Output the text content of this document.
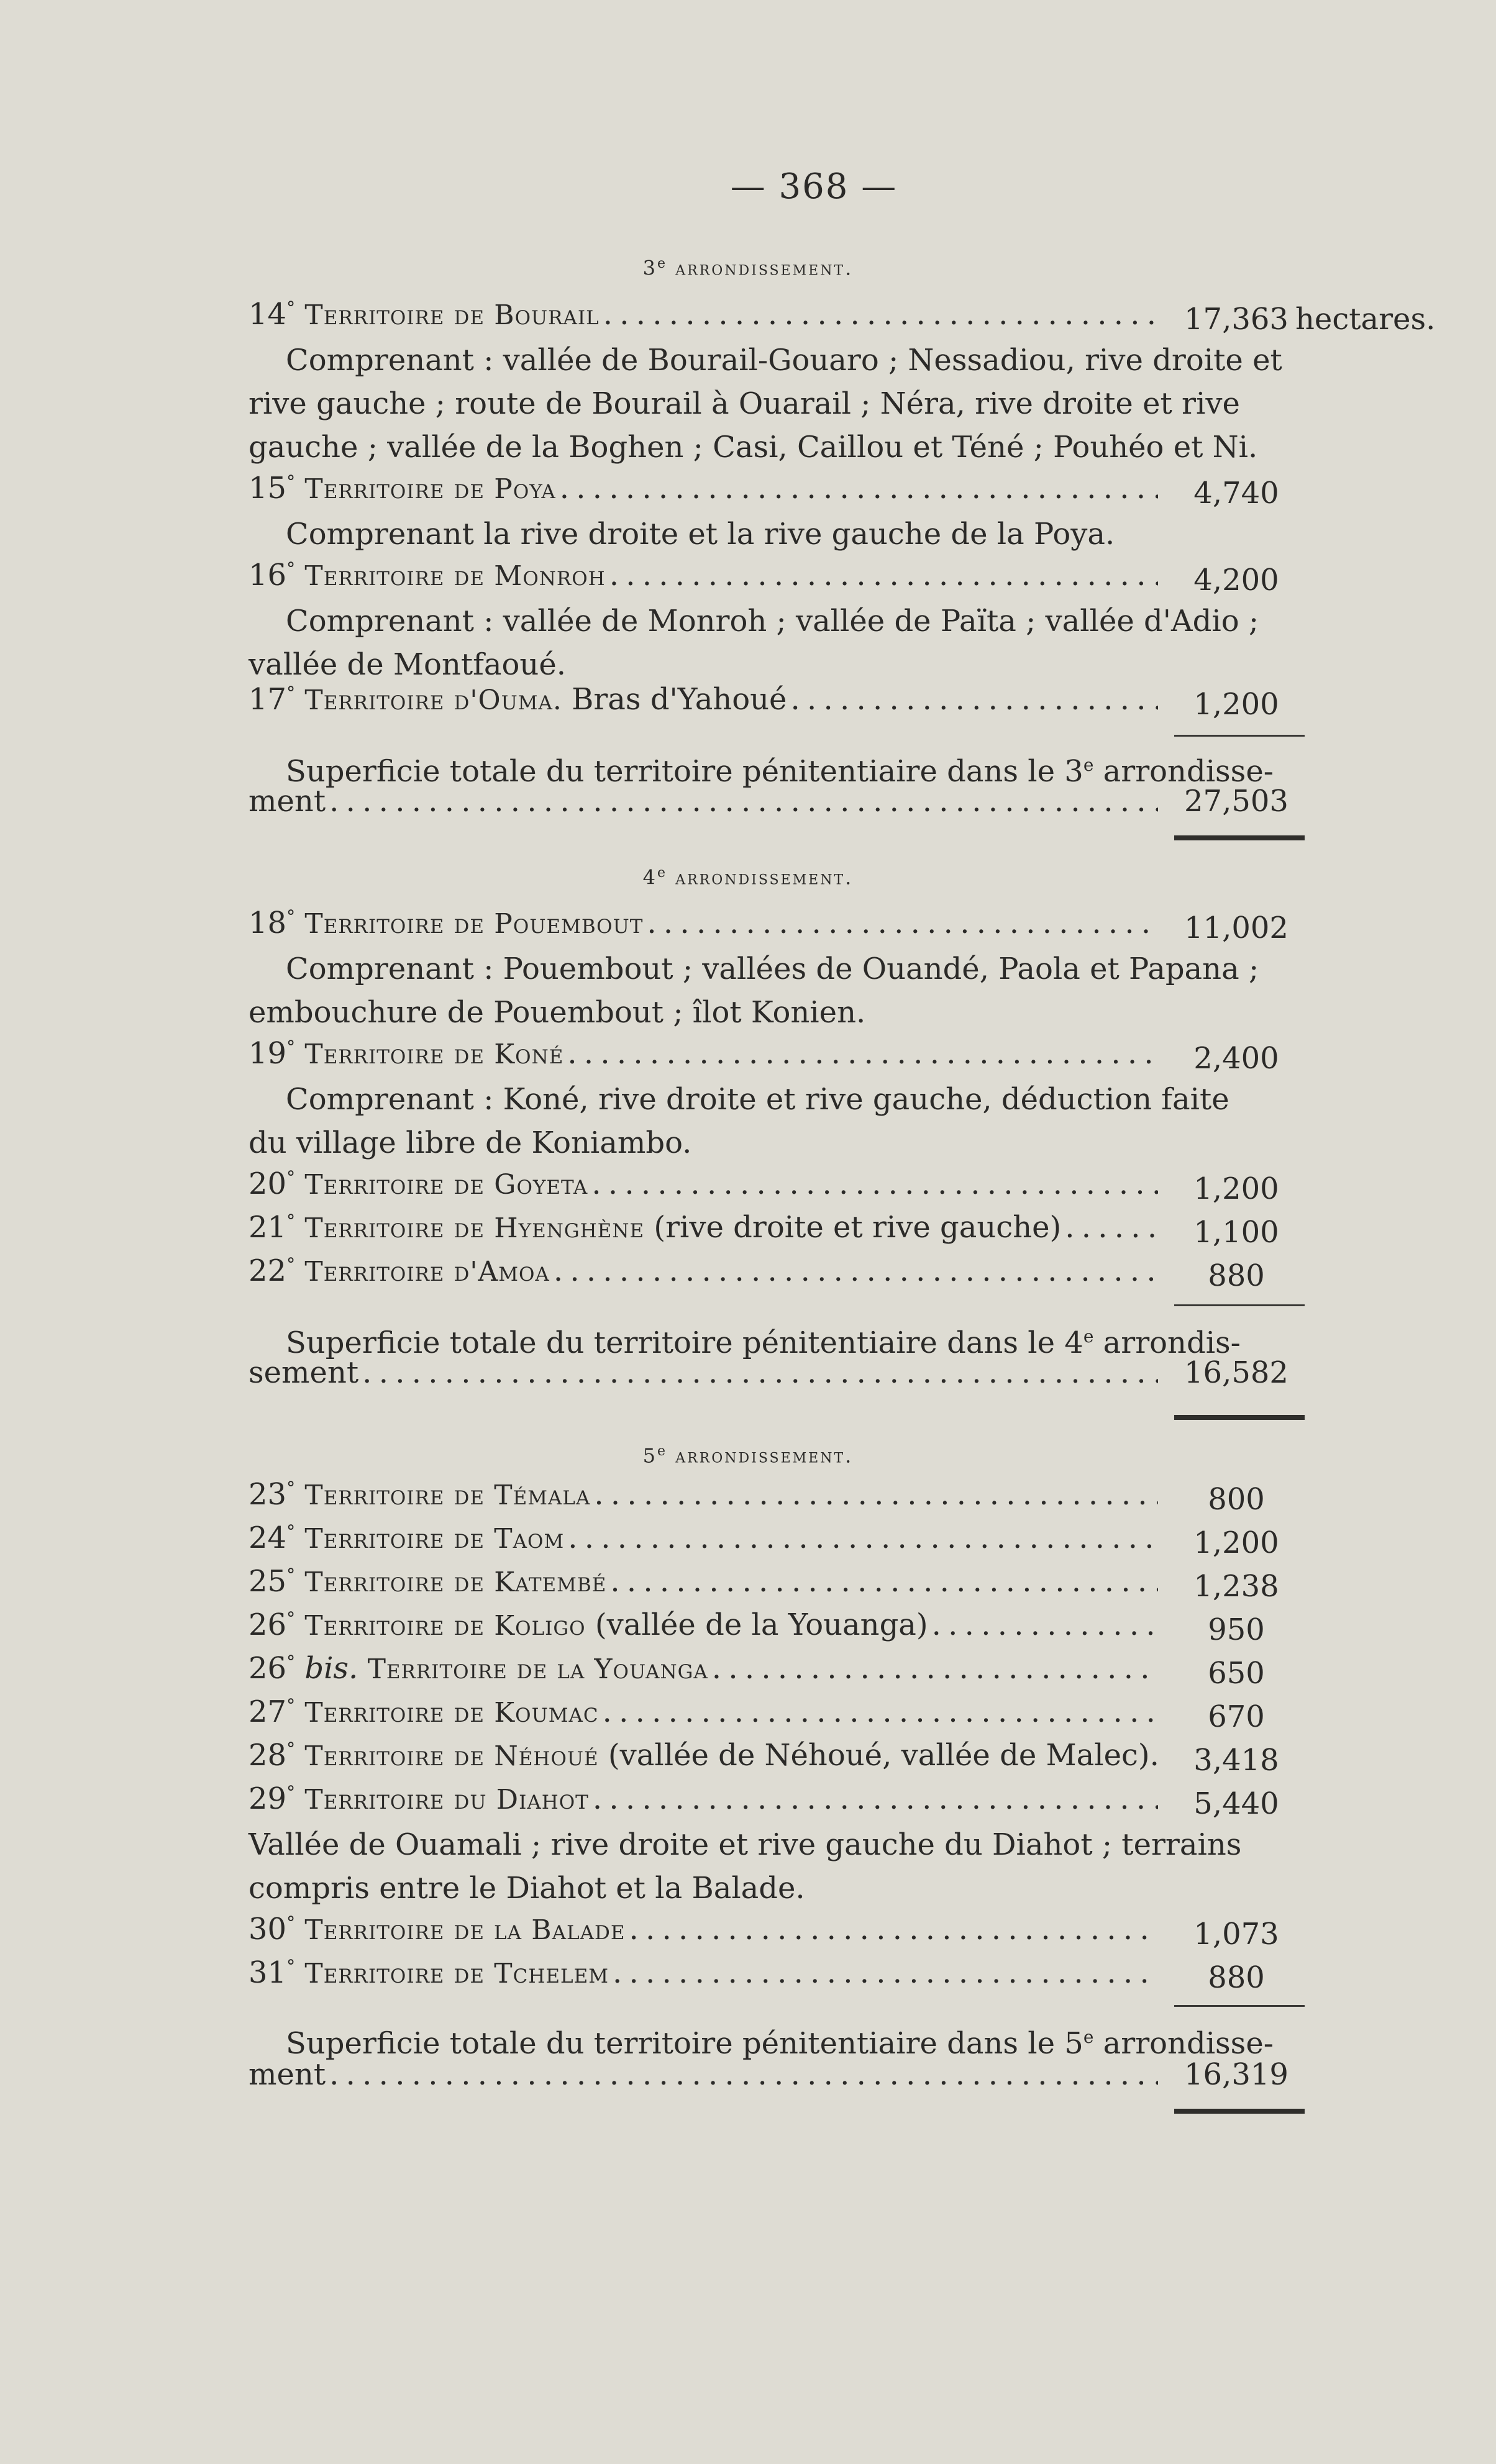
— 368 —
3e arrondissement.
14° Territoire de Bourail . . .	17,363 hectares.
Comprenant : vallée de Bourail-Gouaro ; Nessadiou, rive droite et
rive gauche ; route de Bourail à Ouarail ; Néra, rive droite et rive
gauche ; vallée de la Boghen ; Casi, Caillou et Téné ; Pouhéo et Ni.
15° Territoire de Poya . . .	4,740
Comprenant la rive droite et la rive gauche de la Poya.
16° Territoire de Monroh . . .	4,200
Comprenant : vallée de Monroh ; vallée de Païta ; vallée d'Adio ;
vallée de Montfaoué.
17° Territoire d'Ouma. Bras d'Yahoué . . .	1,200
Superficie totale du territoire pénitentiaire dans le 3e arrondisse-
ment . . .	27,503
4e arrondissement.
18° Territoire de Pouembout . . .	11,002
Comprenant : Pouembout ; vallées de Ouandé, Paola et Papana ;
embouchure de Pouembout ; îlot Konien.
19° Territoire de Koné . . .	2,400
Comprenant : Koné, rive droite et rive gauche, déduction faite
du village libre de Koniambo.
20° Territoire de Goyeta . . .	1,200
21° Territoire de Hyenghène (rive droite et rive gauche) . . .	1,100
22° Territoire d'Amoa . . .	880
Superficie totale du territoire pénitentiaire dans le 4e arrondis-
sement . . .	16,582
5e arrondissement.
23° Territoire de Témala . . .	800
24° Territoire de Taom . . .	1,200
25° Territoire de Katembé . . .	1,238
26° Territoire de Koligo (vallée de la Youanga) . . .	950
26° bis. Territoire de la Youanga . . .	650
27° Territoire de Koumac . . .	670
28° Territoire de Néhoué (vallée de Néhoué, vallée de Malec).	3,418
29° Territoire du Diahot . . .	5,440
Vallée de Ouamali ; rive droite et rive gauche du Diahot ; terrains
compris entre le Diahot et la Balade.
30° Territoire de la Balade . . .	1,073
31° Territoire de Tchelem . . .	880
Superficie totale du territoire pénitentiaire dans le 5e arrondisse-
ment . . .	16,319
